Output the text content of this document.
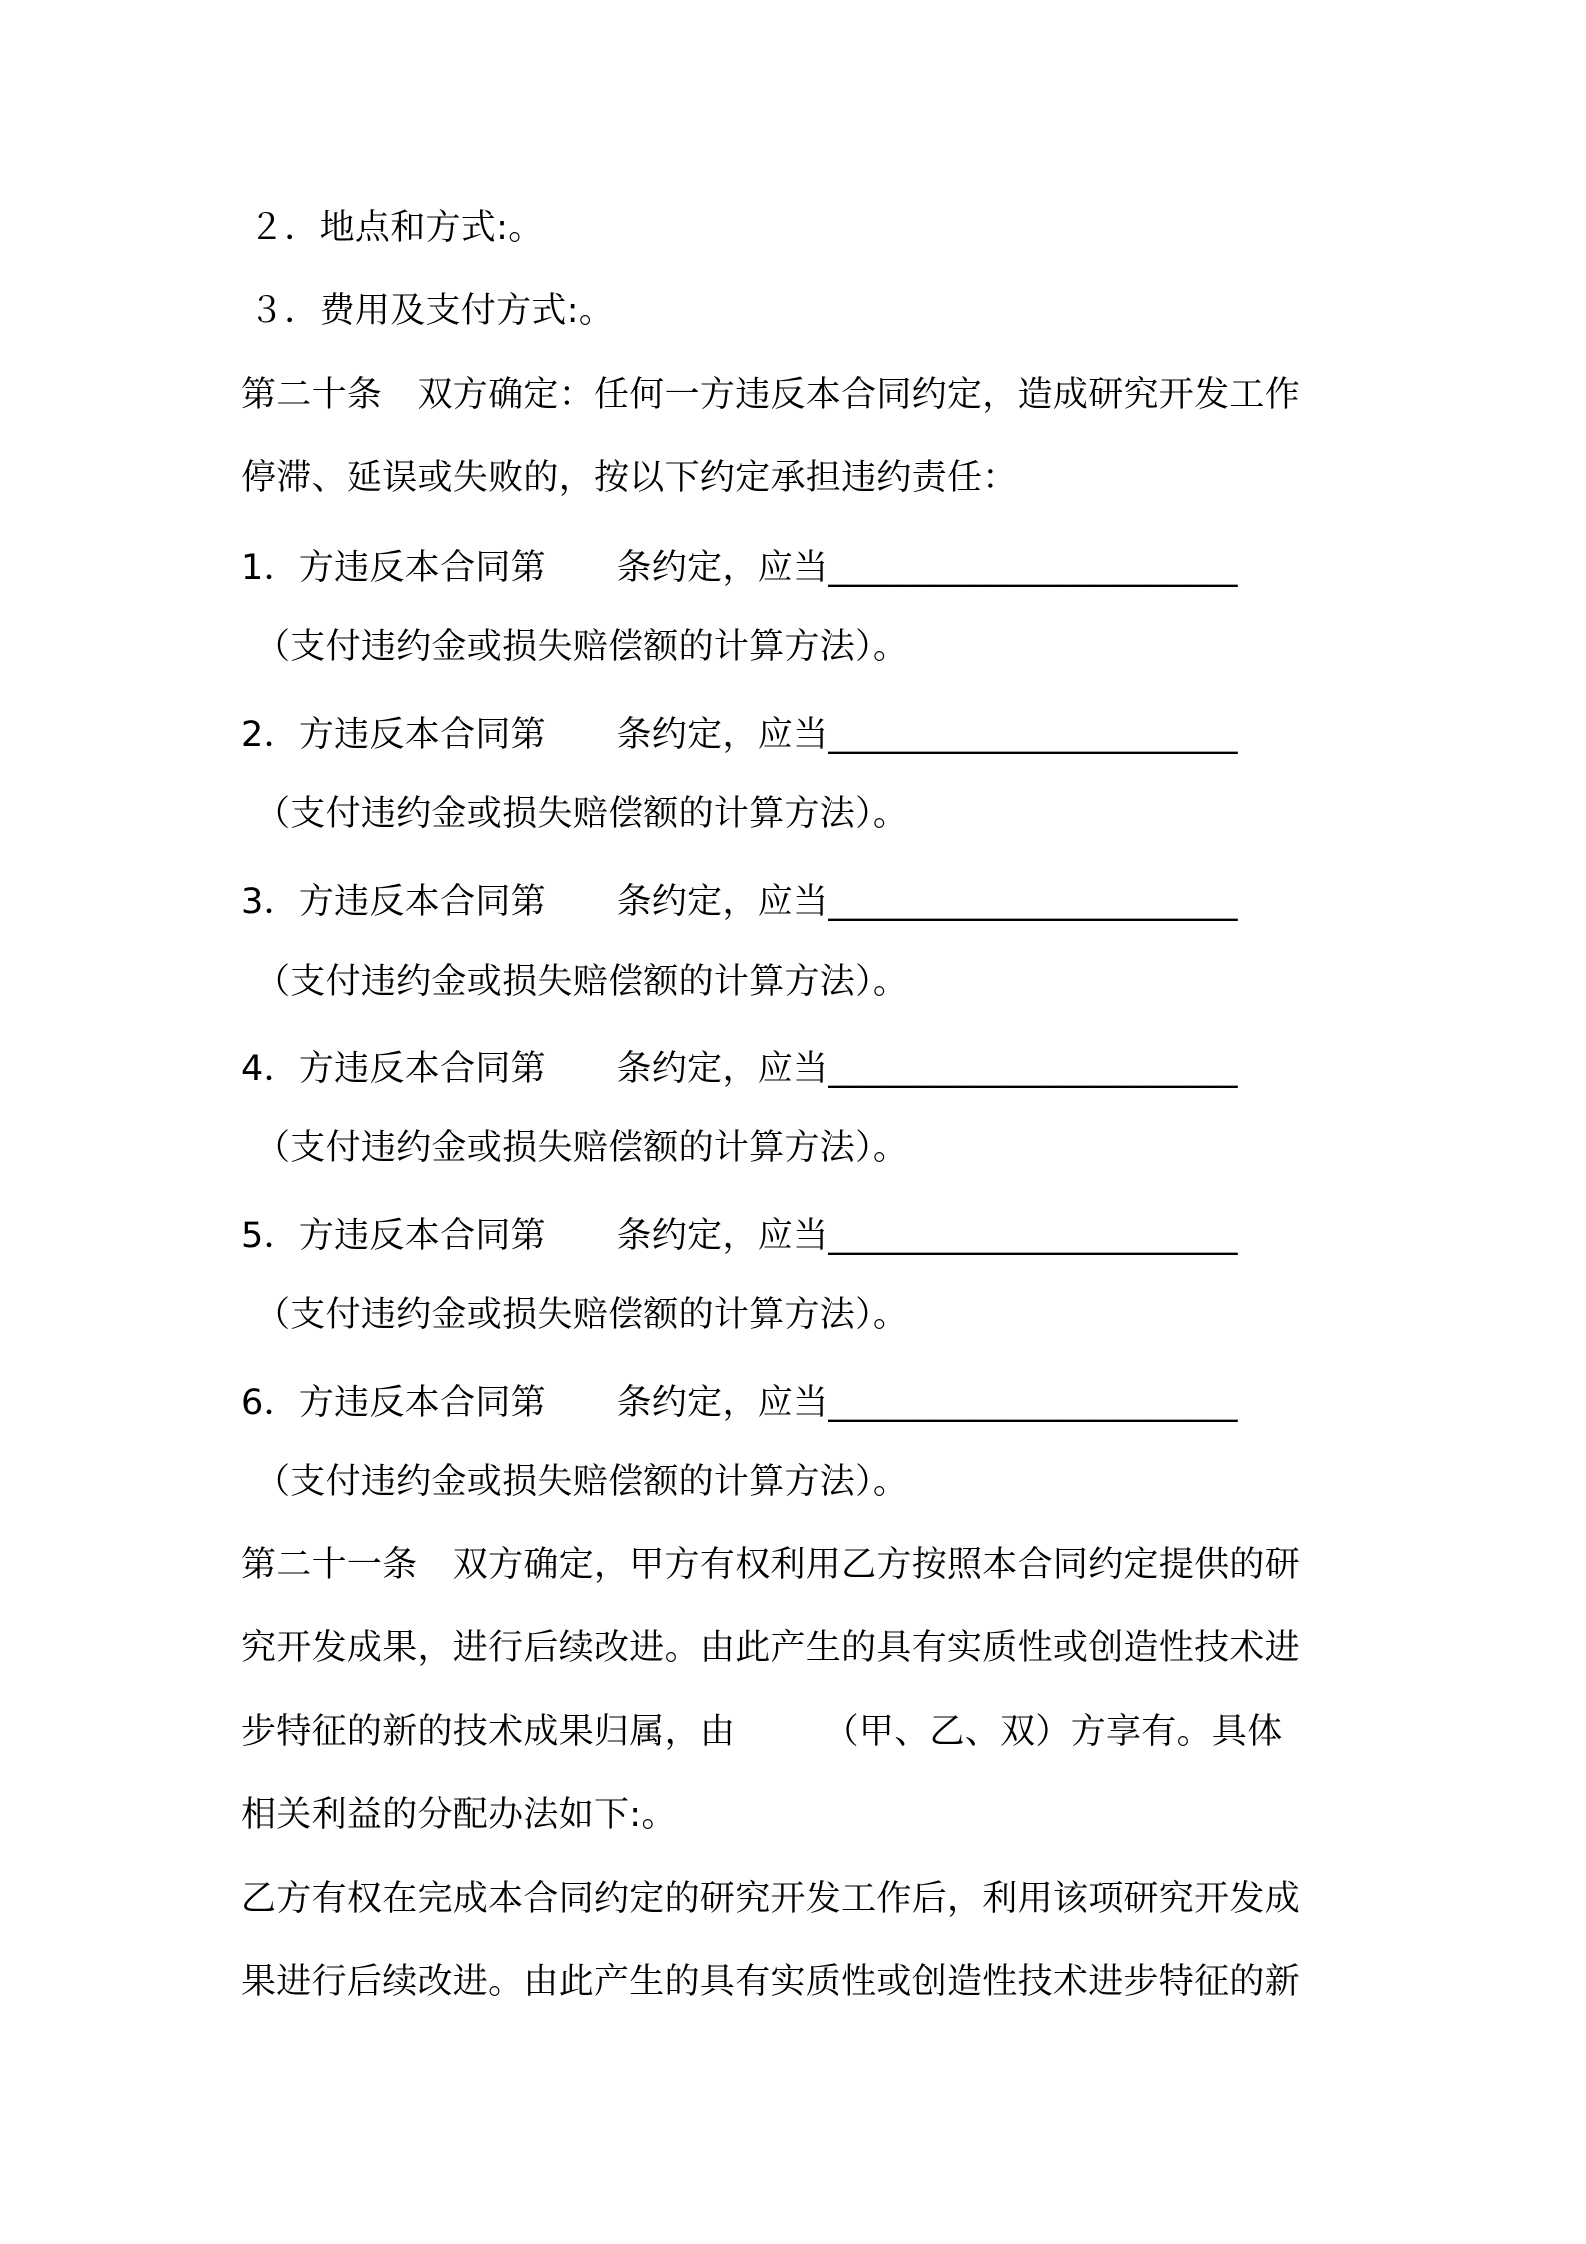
２．地点和方式:。
３．费用及支付方式:。
第二十条　双方确定：任何一方违反本合同约定，造成研究开发工作
停滞、延误或失败的，按以下约定承担违约责任：
1．方违反本合同第　　条约定，应当_______________________
（支付违约金或损失赔偿额的计算方法）。
2．方违反本合同第　　条约定，应当_______________________
（支付违约金或损失赔偿额的计算方法）。
3．方违反本合同第　　条约定，应当_______________________
（支付违约金或损失赔偿额的计算方法）。
4．方违反本合同第　　条约定，应当_______________________
（支付违约金或损失赔偿额的计算方法）。
5．方违反本合同第　　条约定，应当_______________________
（支付违约金或损失赔偿额的计算方法）。
6．方违反本合同第　　条约定，应当_______________________
（支付违约金或损失赔偿额的计算方法）。
第二十一条　双方确定，甲方有权利用乙方按照本合同约定提供的研
究开发成果，进行后续改进。由此产生的具有实质性或创造性技术进
步特征的新的技术成果归属，由　　　（甲、乙、双）方享有。具体
相关利益的分配办法如下:。
乙方有权在完成本合同约定的研究开发工作后，利用该项研究开发成
果进行后续改进。由此产生的具有实质性或创造性技术进步特征的新
